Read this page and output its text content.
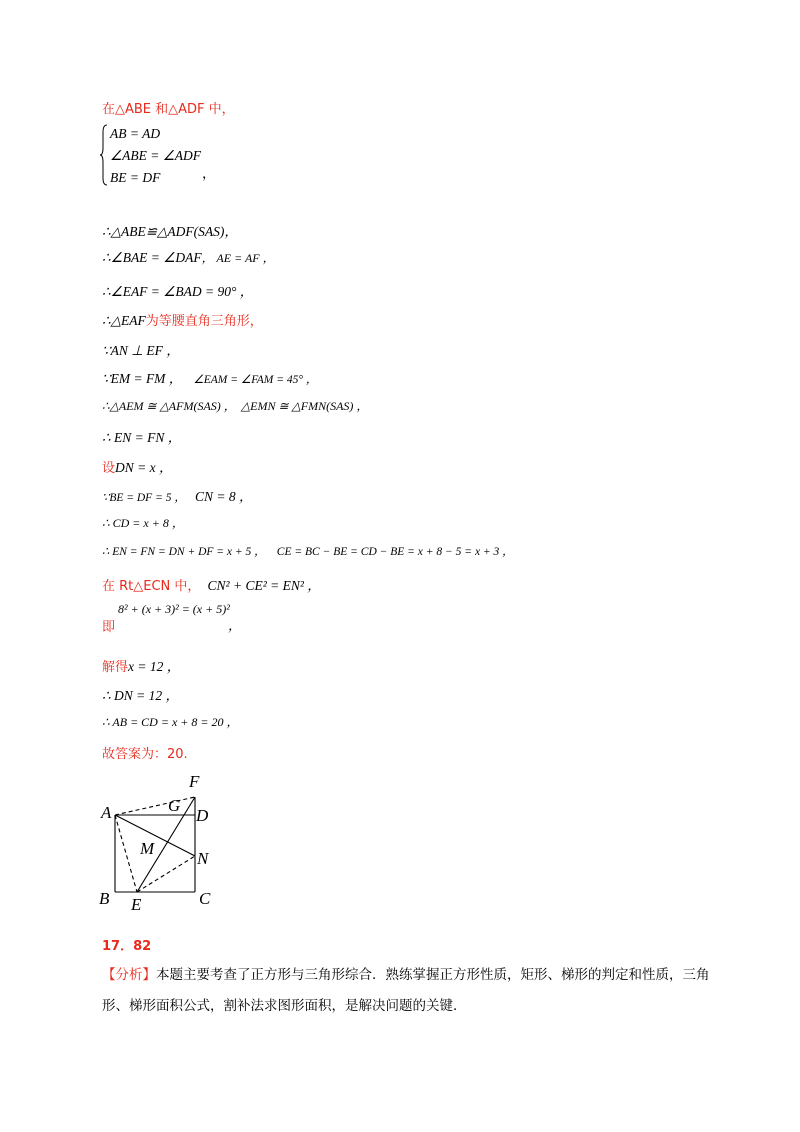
在△ABE 和△ADF 中，
AB = AD
∠ABE = ∠ADF
BE = DF	，
∴△ABE≌△ADF(SAS)，
∴∠BAE = ∠DAF， AE = AF ，
∴∠EAF = ∠BAD = 90° ，
∴△EAF为等腰直角三角形，
∵AN ⊥ EF ，
∵EM = FM ， ∠EAM = ∠FAM = 45° ，
∴△AEM ≅ △AFM(SAS) ， △EMN ≅ △FMN(SAS) ，
∴ EN = FN ，
设DN = x ，
∵BE = DF = 5 ， CN = 8 ，
∴ CD = x + 8 ，
∴ EN = FN = DN + DF = x + 5 ， CE = BC − BE = CD − BE = x + 8 − 5 = x + 3 ，
在 Rt△ECN 中， CN² + CE² = EN² ，
即
8² + (x + 3)² = (x + 5)²
，
解得x = 12 ，
∴ DN = 12 ，
∴ AB = CD = x + 8 = 20 ，
故答案为：20.
F
G
A	D
M
N
B	C
E
17．82
【分析】本题主要考查了正方形与三角形综合．熟练掌握正方形性质，矩形、梯形的判定和性质，三角形、梯形面积公式，割补法求图形面积，是解决问题的关键．
